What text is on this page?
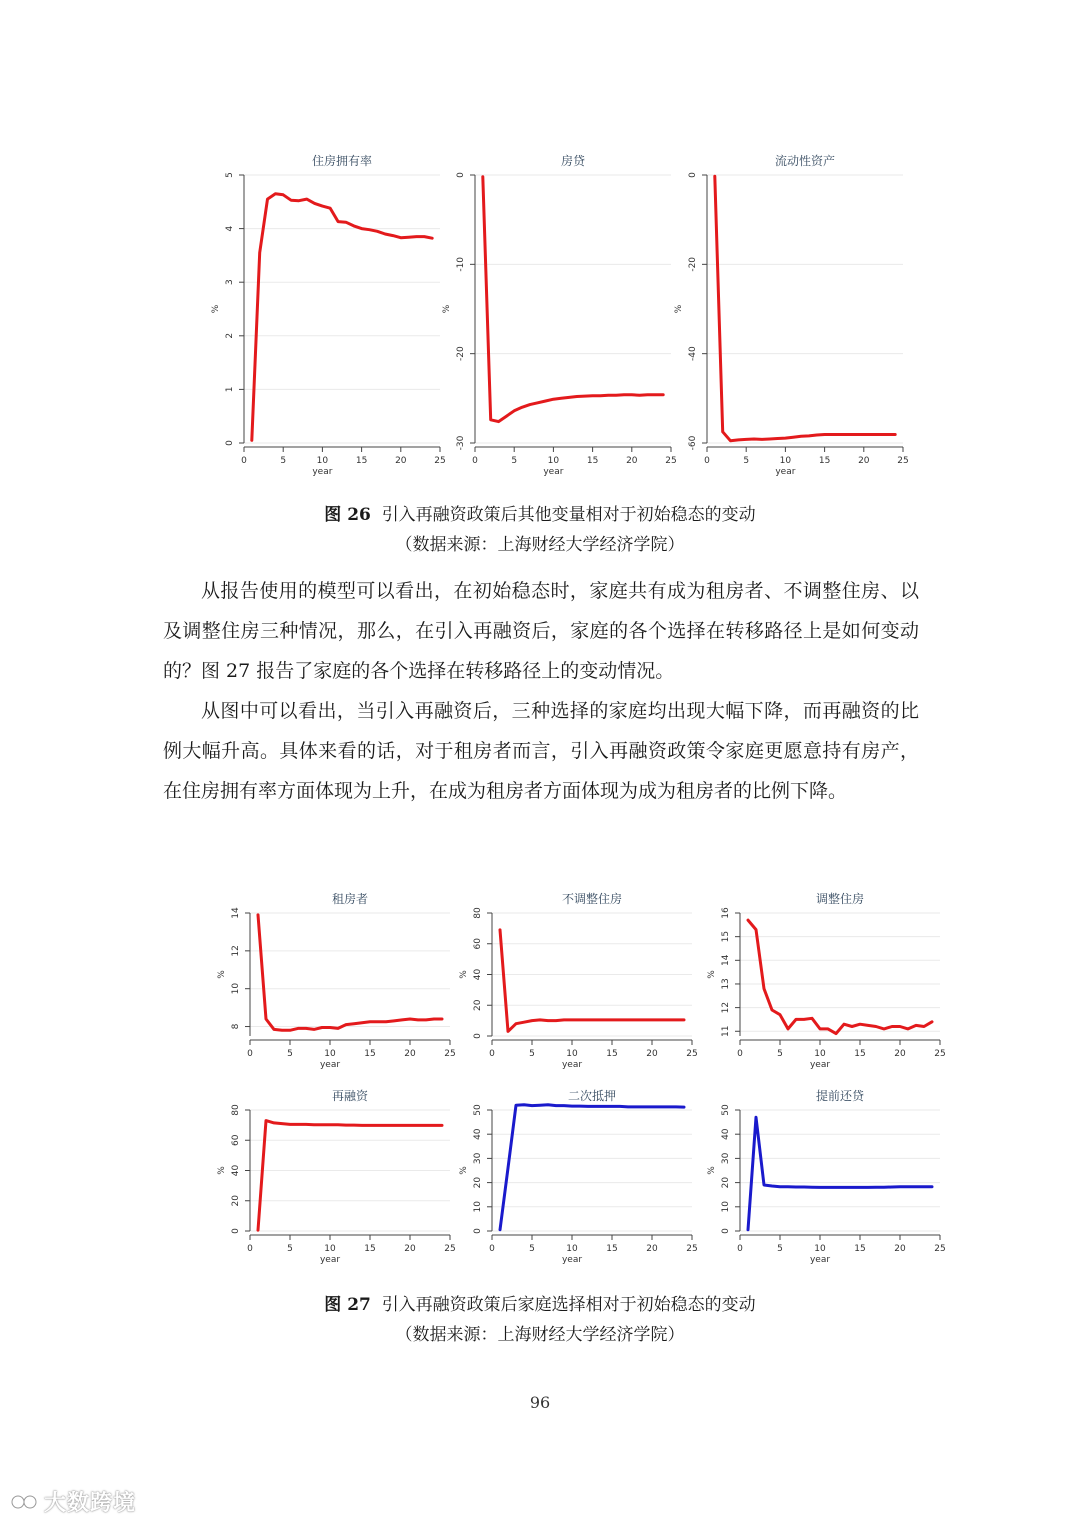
住房拥有率
0
1
2
3
4
5
0	5	10	15	20	25
year
%
房贷
0
-10
-20
-30
0	5	10	15	20	25
year
%
流动性资产
0
-20
-40
-60
0	5	10	15	20	25
year
%
图 26 引入再融资政策后其他变量相对于初始稳态的变动
（数据来源：上海财经大学经济学院）

从报告使用的模型可以看出，在初始稳态时，家庭共有成为租房者、不调整住房、以及调整住房三种情况，那么，在引入再融资后，家庭的各个选择在转移路径上是如何变动的？图 27 报告了家庭的各个选择在转移路径上的变动情况。

从图中可以看出，当引入再融资后，三种选择的家庭均出现大幅下降，而再融资的比例大幅升高。具体来看的话，对于租房者而言，引入再融资政策令家庭更愿意持有房产，在住房拥有率方面体现为上升，在成为租房者方面体现为成为租房者的比例下降。

租房者
8
10
12
14
0	5	10	15	20	25
year
%
不调整住房
0
20
40
60
80
0	5	10	15	20	25
year
%
调整住房
11
12
13
14
15
16
0	5	10	15	20	25
year
%
再融资
0
20
40
60
80
0	5	10	15	20	25
year
%
二次抵押
0
10
20
30
40
50
0	5	10	15	20	25
year
%
提前还贷
0
10
20
30
40
50
0	5	10	15	20	25
year
%
图 27 引入再融资政策后家庭选择相对于初始稳态的变动
（数据来源：上海财经大学经济学院）
96
大数跨境
